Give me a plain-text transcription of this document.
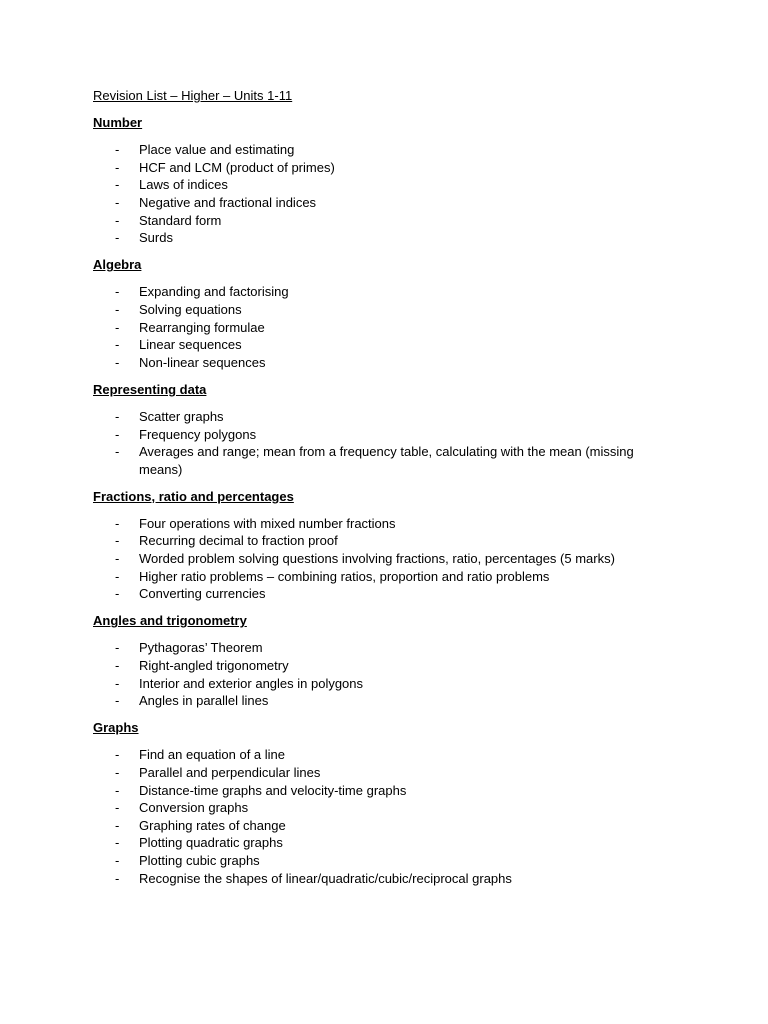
Revision List – Higher – Units 1-11
Number
- Place value and estimating
- HCF and LCM (product of primes)
- Laws of indices
- Negative and fractional indices
- Standard form
- Surds
Algebra
- Expanding and factorising
- Solving equations
- Rearranging formulae
- Linear sequences
- Non-linear sequences
Representing data
- Scatter graphs
- Frequency polygons
- Averages and range; mean from a frequency table, calculating with the mean (missing means)
Fractions, ratio and percentages
- Four operations with mixed number fractions
- Recurring decimal to fraction proof
- Worded problem solving questions involving fractions, ratio, percentages (5 marks)
- Higher ratio problems – combining ratios, proportion and ratio problems
- Converting currencies
Angles and trigonometry
- Pythagoras’ Theorem
- Right-angled trigonometry
- Interior and exterior angles in polygons
- Angles in parallel lines
Graphs
- Find an equation of a line
- Parallel and perpendicular lines
- Distance-time graphs and velocity-time graphs
- Conversion graphs
- Graphing rates of change
- Plotting quadratic graphs
- Plotting cubic graphs
- Recognise the shapes of linear/quadratic/cubic/reciprocal graphs
